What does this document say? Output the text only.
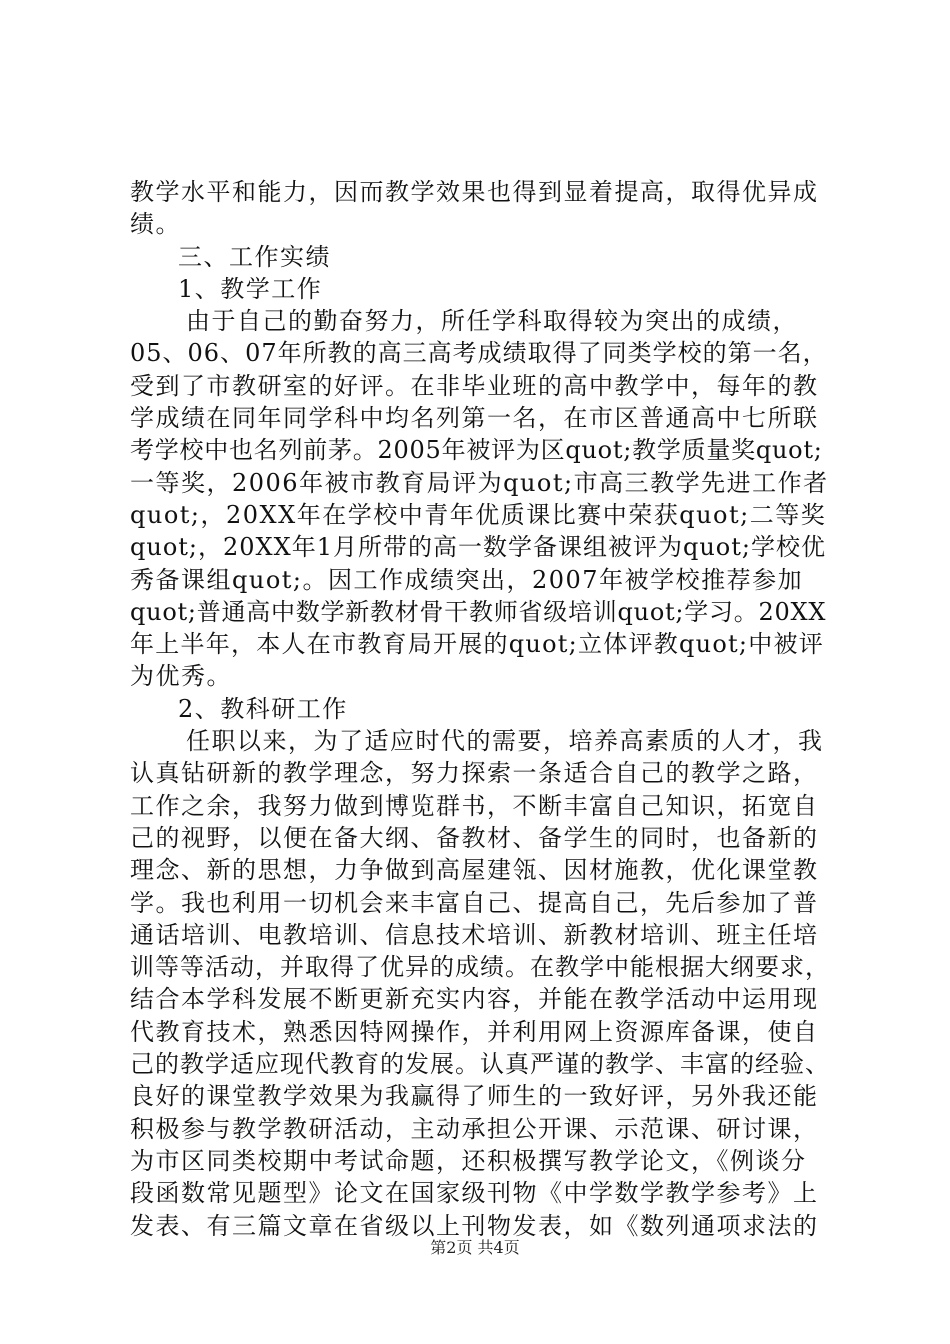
教学水平和能力，因而教学效果也得到显着提高，取得优异成
绩。
三、工作实绩
1、教学工作
由于自己的勤奋努力，所任学科取得较为突出的成绩，
05、06、07年所教的高三高考成绩取得了同类学校的第一名，
受到了市教研室的好评。在非毕业班的高中教学中，每年的教
学成绩在同年同学科中均名列第一名，在市区普通高中七所联
考学校中也名列前茅。2005年被评为区quot;教学质量奖quot;
一等奖，2006年被市教育局评为quot;市高三教学先进工作者
quot;，20XX年在学校中青年优质课比赛中荣获quot;二等奖
quot;，20XX年1月所带的高一数学备课组被评为quot;学校优
秀备课组quot;。因工作成绩突出，2007年被学校推荐参加
quot;普通高中数学新教材骨干教师省级培训quot;学习。20XX
年上半年，本人在市教育局开展的quot;立体评教quot;中被评
为优秀。
2、教科研工作
任职以来，为了适应时代的需要，培养高素质的人才，我
认真钻研新的教学理念，努力探索一条适合自己的教学之路，
工作之余，我努力做到博览群书，不断丰富自己知识，拓宽自
己的视野，以便在备大纲、备教材、备学生的同时，也备新的
理念、新的思想，力争做到高屋建瓴、因材施教，优化课堂教
学。我也利用一切机会来丰富自己、提高自己，先后参加了普
通话培训、电教培训、信息技术培训、新教材培训、班主任培
训等等活动，并取得了优异的成绩。在教学中能根据大纲要求，
结合本学科发展不断更新充实内容，并能在教学活动中运用现
代教育技术，熟悉因特网操作，并利用网上资源库备课，使自
己的教学适应现代教育的发展。认真严谨的教学、丰富的经验、
良好的课堂教学效果为我赢得了师生的一致好评，另外我还能
积极参与教学教研活动，主动承担公开课、示范课、研讨课，
为市区同类校期中考试命题，还积极撰写教学论文，《例谈分
段函数常见题型》论文在国家级刊物《中学数学教学参考》上
发表、有三篇文章在省级以上刊物发表，如《数列通项求法的
第2页 共4页
